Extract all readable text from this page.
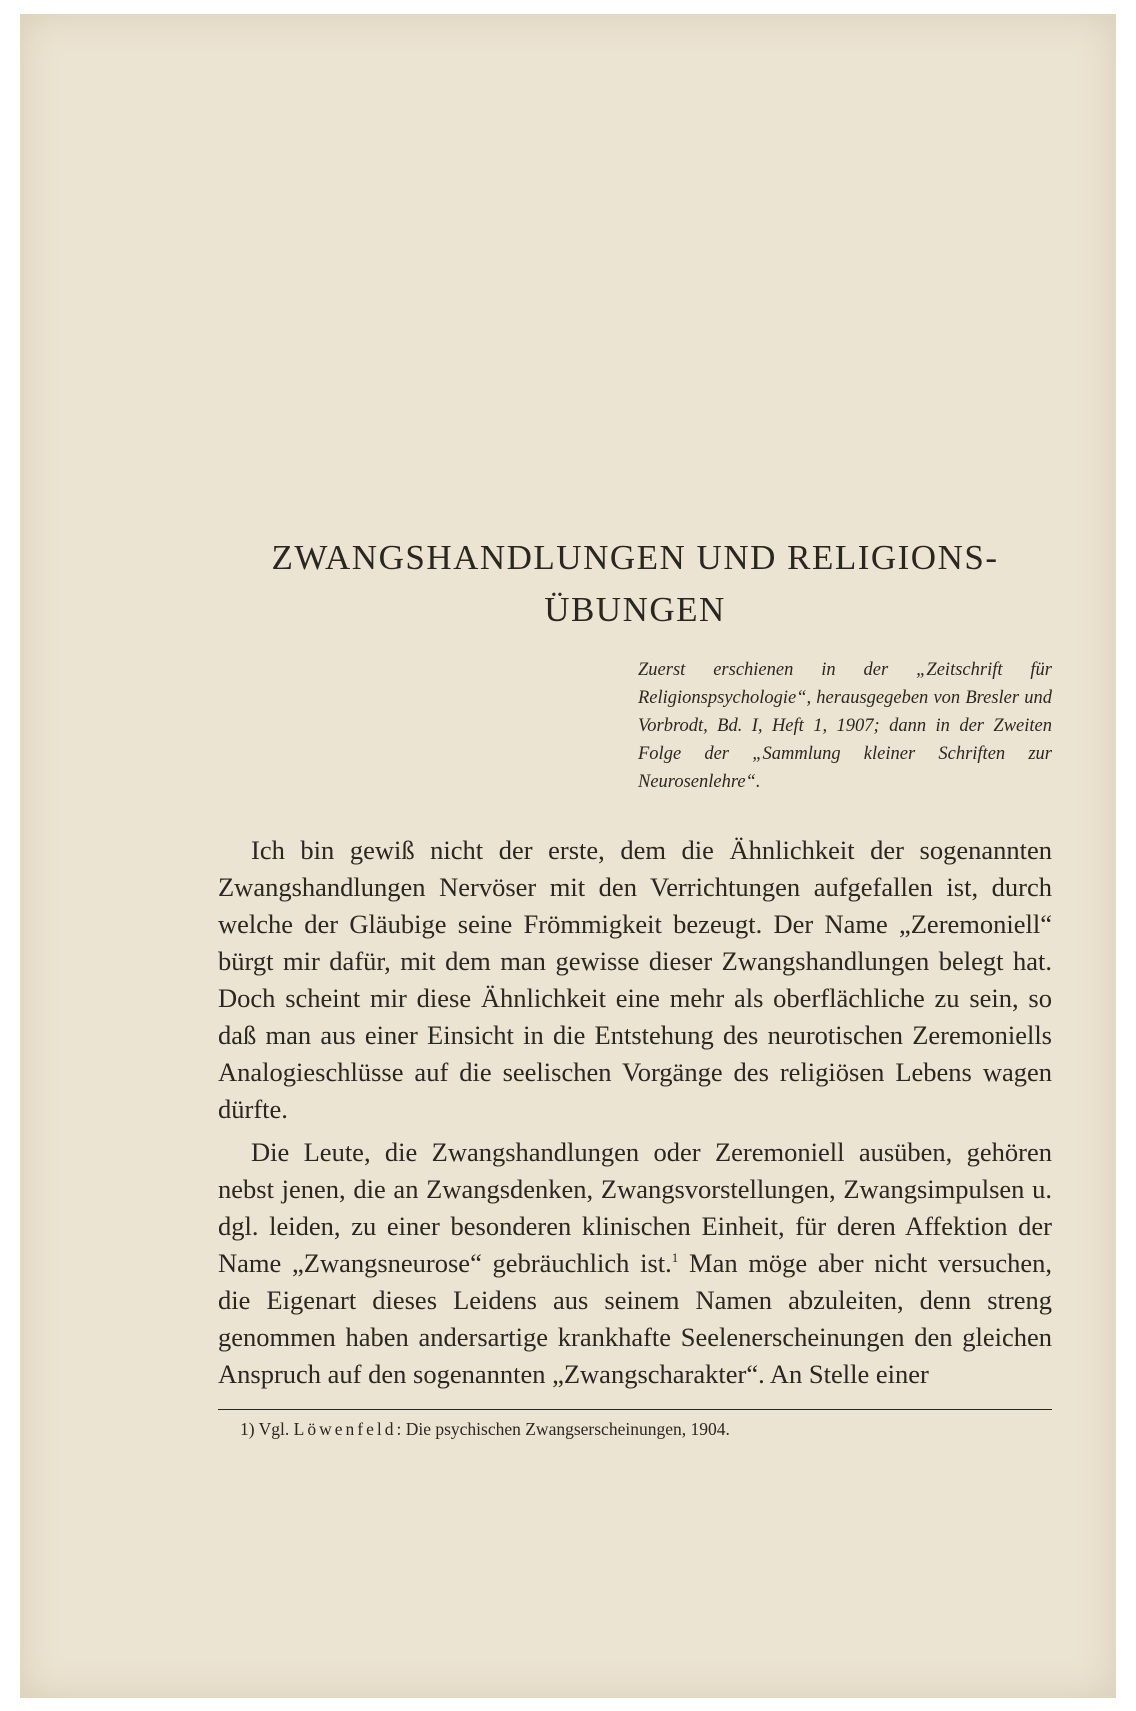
ZWANGSHANDLUNGEN UND RELIGIONS-ÜBUNGEN

Zuerst erschienen in der „Zeitschrift für Religionspsychologie“, herausgegeben von Bresler und Vorbrodt, Bd. I, Heft 1, 1907; dann in der Zweiten Folge der „Sammlung kleiner Schriften zur Neurosenlehre“.

Ich bin gewiß nicht der erste, dem die Ähnlichkeit der sogenannten Zwangshandlungen Nervöser mit den Verrichtungen aufgefallen ist, durch welche der Gläubige seine Frömmigkeit bezeugt. Der Name „Zeremoniell“ bürgt mir dafür, mit dem man gewisse dieser Zwangshandlungen belegt hat. Doch scheint mir diese Ähnlichkeit eine mehr als oberflächliche zu sein, so daß man aus einer Einsicht in die Entstehung des neurotischen Zeremoniells Analogieschlüsse auf die seelischen Vorgänge des religiösen Lebens wagen dürfte.

Die Leute, die Zwangshandlungen oder Zeremoniell ausüben, gehören nebst jenen, die an Zwangsdenken, Zwangsvorstellungen, Zwangsimpulsen u. dgl. leiden, zu einer besonderen klinischen Einheit, für deren Affektion der Name „Zwangsneurose“ gebräuchlich ist.$^1$ Man möge aber nicht versuchen, die Eigenart dieses Leidens aus seinem Namen abzuleiten, denn streng genommen haben andersartige krankhafte Seelenerscheinungen den gleichen Anspruch auf den sogenannten „Zwangscharakter“. An Stelle einer

1) Vgl. Löwenfeld: Die psychischen Zwangserscheinungen, 1904.
